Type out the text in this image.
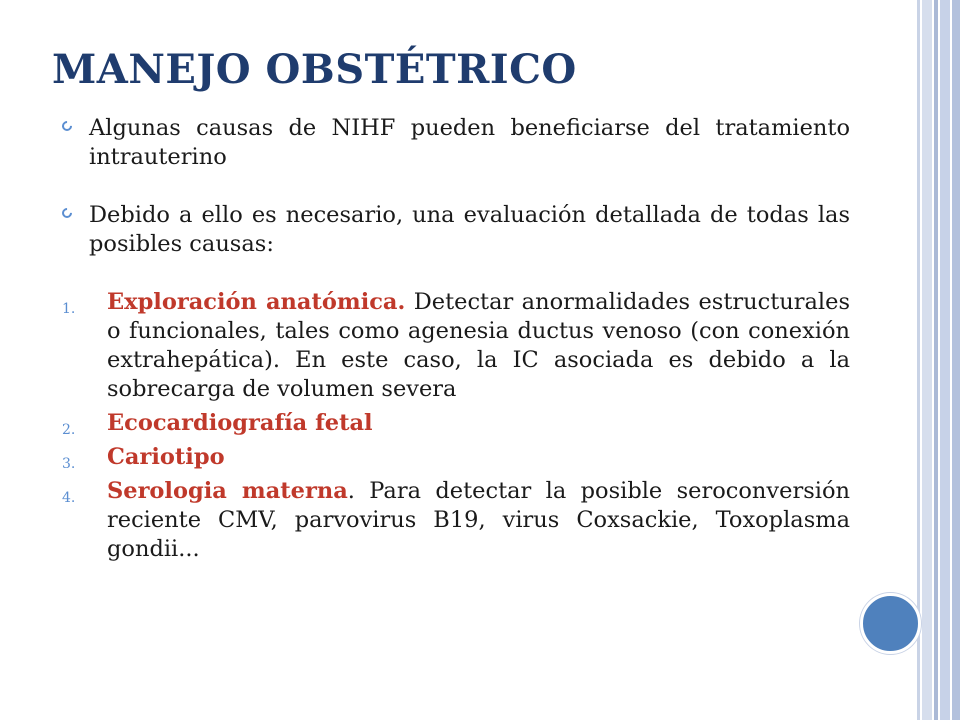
MANEJO OBSTÉTRICO
Algunas causas de NIHF pueden beneficiarse del tratamiento intrauterino
Debido a ello es necesario, una evaluación detallada de todas las posibles causas:
1. Exploración anatómica. Detectar anormalidades estructurales o funcionales, tales como agenesia ductus venoso (con conexión extrahepática). En este caso, la IC asociada es debido a la sobrecarga de volumen severa
2. Ecocardiografía fetal
3. Cariotipo
4. Serologia materna. Para detectar la posible seroconversión reciente CMV, parvovirus B19, virus Coxsackie, Toxoplasma gondii...
